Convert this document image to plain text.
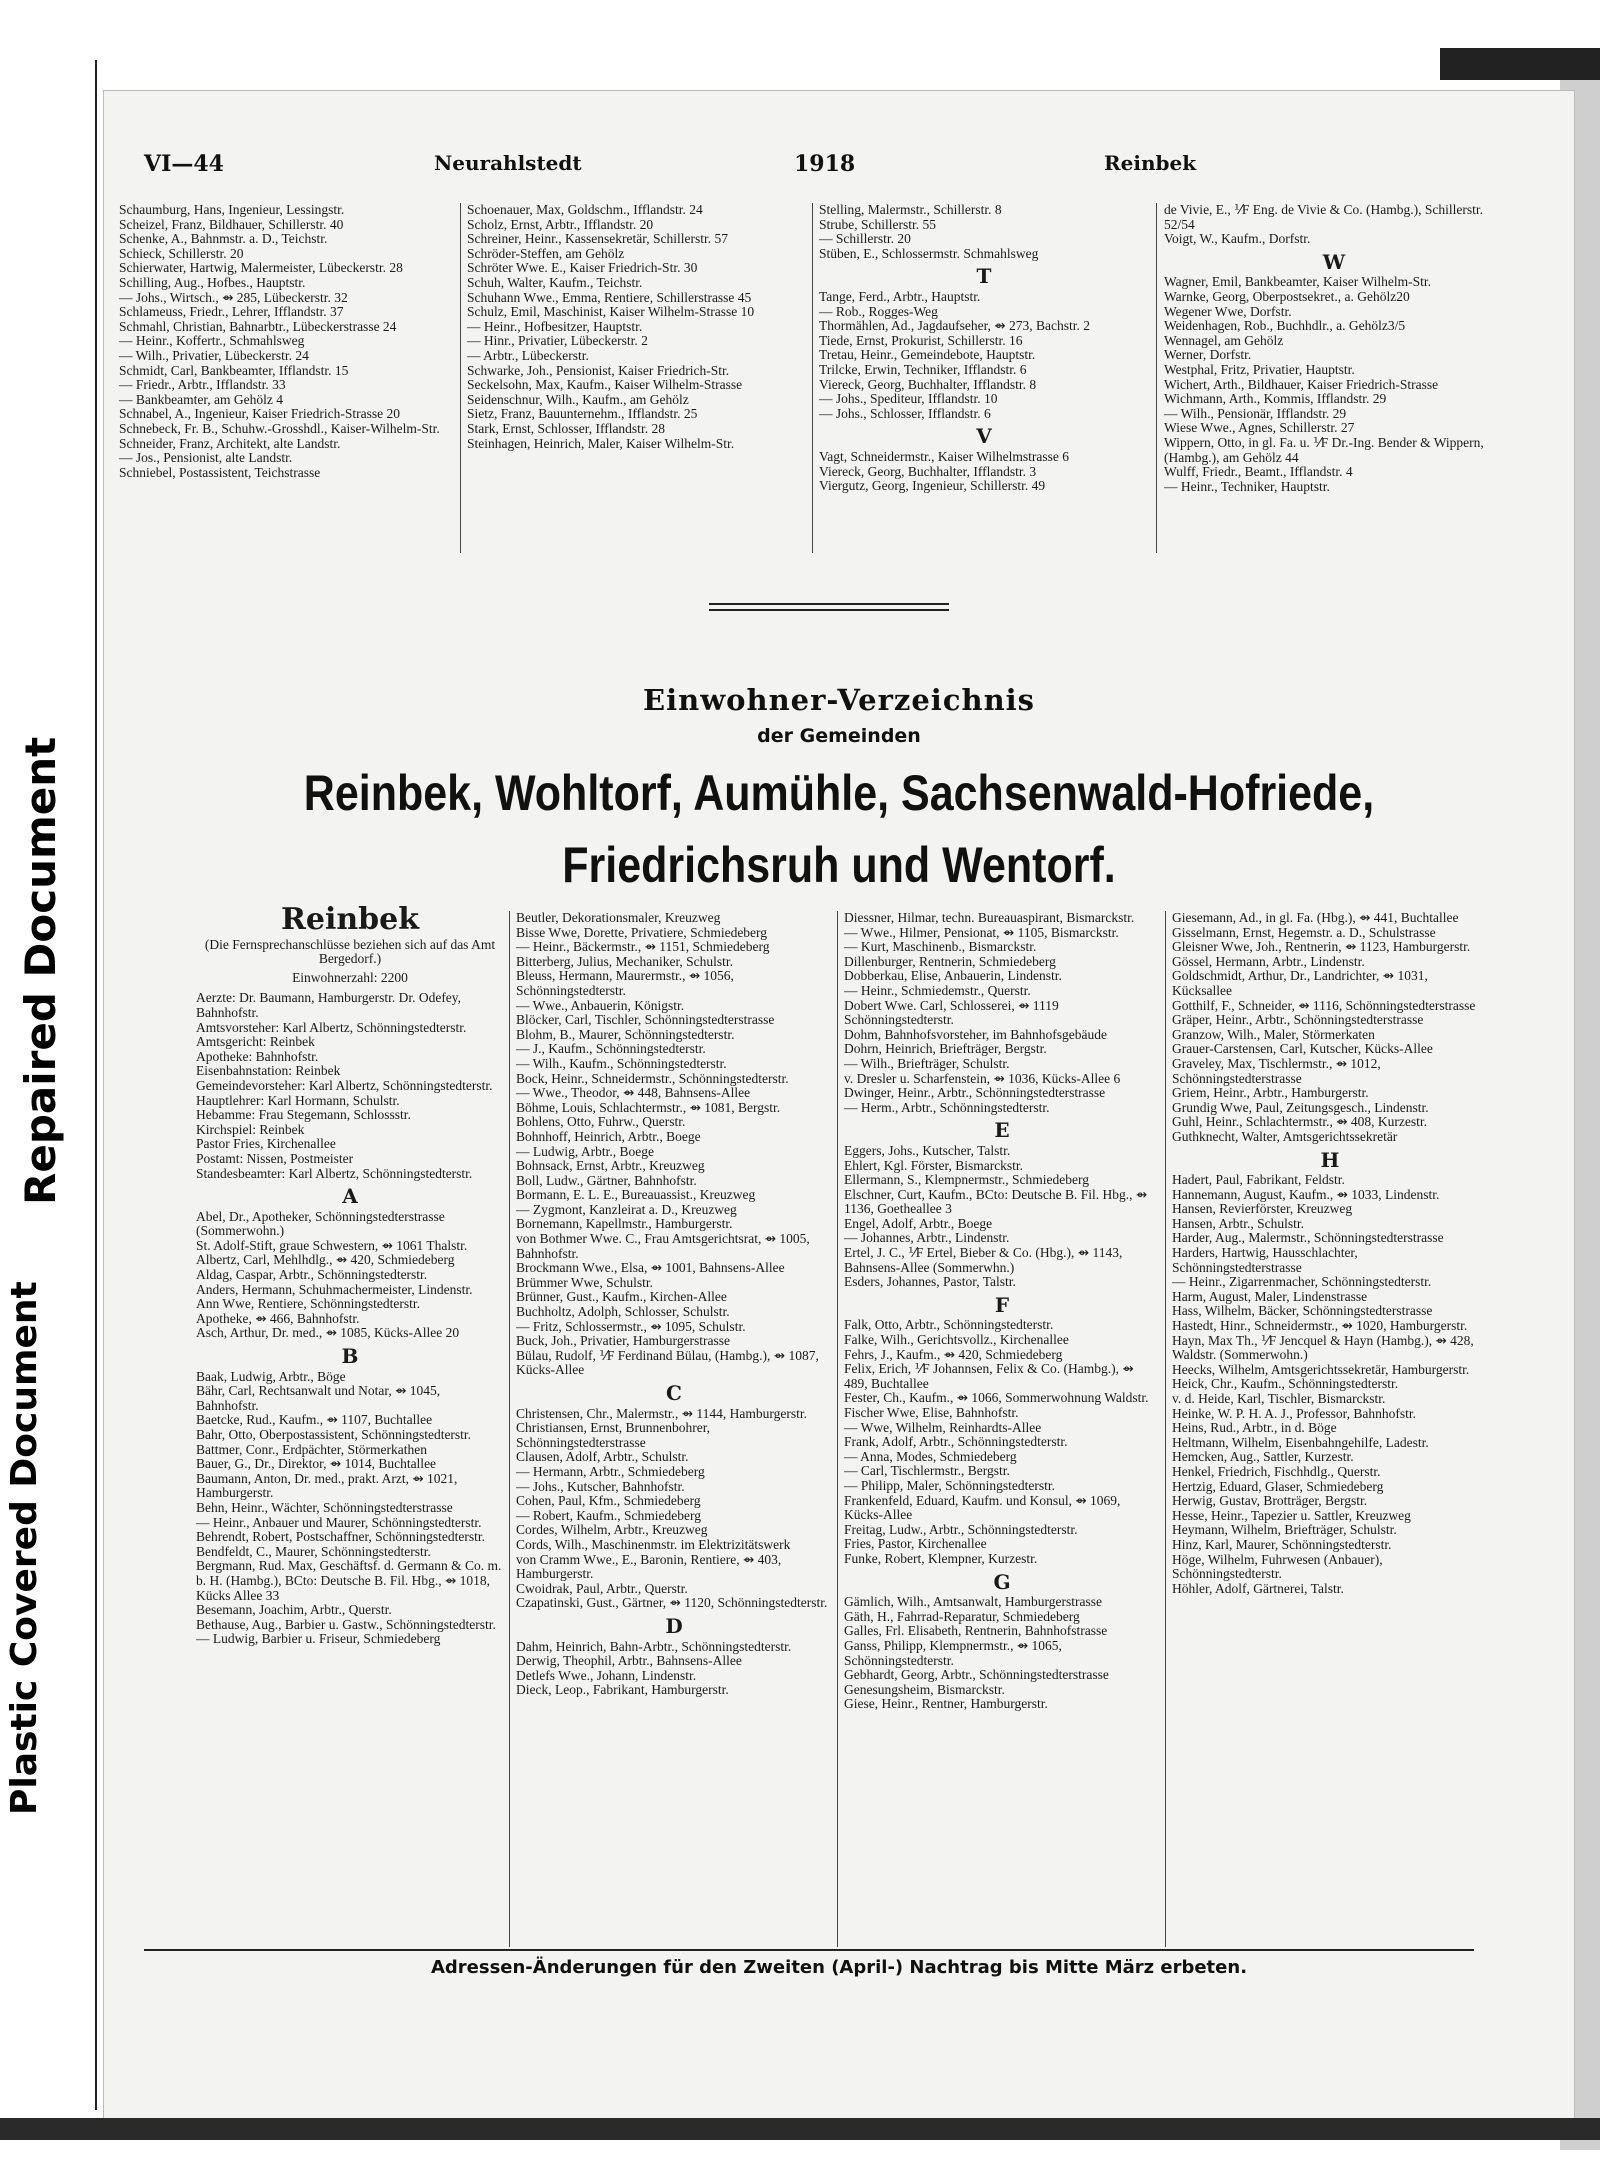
Repaired Document
Plastic Covered Document
VI—44	Neurahlstedt	1918	Reinbek
Schaumburg, Hans, Ingenieur, Lessingstr.
Scheizel, Franz, Bildhauer, Schillerstr. 40
Schenke, A., Bahnmstr. a. D., Teichstr.
Schieck, Schillerstr. 20
Schierwater, Hartwig, Malermeister, Lübeckerstr. 28
Schilling, Aug., Hofbes., Hauptstr.
— Johs., Wirtsch., ⇴ 285, Lübeckerstr. 32
Schlameuss, Friedr., Lehrer, Ifflandstr. 37
Schmahl, Christian, Bahnarbtr., Lübeckerstrasse 24
— Heinr., Koffertr., Schmahlsweg
— Wilh., Privatier, Lübeckerstr. 24
Schmidt, Carl, Bankbeamter, Ifflandstr. 15
— Friedr., Arbtr., Ifflandstr. 33
— Bankbeamter, am Gehölz 4
Schnabel, A., Ingenieur, Kaiser Friedrich-Strasse 20
Schnebeck, Fr. B., Schuhw.-Grosshdl., Kaiser-Wilhelm-Str.
Schneider, Franz, Architekt, alte Landstr.
— Jos., Pensionist, alte Landstr.
Schniebel, Postassistent, Teichstrasse
Schoenauer, Max, Goldschm., Ifflandstr. 24
Scholz, Ernst, Arbtr., Ifflandstr. 20
Schreiner, Heinr., Kassensekretär, Schillerstr. 57
Schröder-Steffen, am Gehölz
Schröter Wwe. E., Kaiser Friedrich-Str. 30
Schuh, Walter, Kaufm., Teichstr.
Schuhann Wwe., Emma, Rentiere, Schillerstrasse 45
Schulz, Emil, Maschinist, Kaiser Wilhelm-Strasse 10
— Heinr., Hofbesitzer, Hauptstr.
— Hinr., Privatier, Lübeckerstr. 2
— Arbtr., Lübeckerstr.
Schwarke, Joh., Pensionist, Kaiser Friedrich-Str.
Seckelsohn, Max, Kaufm., Kaiser Wilhelm-Strasse
Seidenschnur, Wilh., Kaufm., am Gehölz
Sietz, Franz, Bauunternehm., Ifflandstr. 25
Stark, Ernst, Schlosser, Ifflandstr. 28
Steinhagen, Heinrich, Maler, Kaiser Wilhelm-Str.
Stelling, Malermstr., Schillerstr. 8
Strube, Schillerstr. 55
— Schillerstr. 20
Stüben, E., Schlossermstr. Schmahlsweg
T
Tange, Ferd., Arbtr., Hauptstr.
— Rob., Rogges-Weg
Thormählen, Ad., Jagdaufseher, ⇴ 273, Bachstr. 2
Tiede, Ernst, Prokurist, Schillerstr. 16
Tretau, Heinr., Gemeindebote, Hauptstr.
Trilcke, Erwin, Techniker, Ifflandstr. 6
Viereck, Georg, Buchhalter, Ifflandstr. 8
— Johs., Spediteur, Ifflandstr. 10
— Johs., Schlosser, Ifflandstr. 6
V
Vagt, Schneidermstr., Kaiser Wilhelmstrasse 6
Viereck, Georg, Buchhalter, Ifflandstr. 3
Viergutz, Georg, Ingenieur, Schillerstr. 49
de Vivie, E., ⅟F Eng. de Vivie & Co. (Hambg.), Schillerstr. 52/54
Voigt, W., Kaufm., Dorfstr.
W
Wagner, Emil, Bankbeamter, Kaiser Wilhelm-Str.
Warnke, Georg, Oberpostsekret., a. Gehölz20
Wegener Wwe, Dorfstr.
Weidenhagen, Rob., Buchhdlr., a. Gehölz3/5
Wennagel, am Gehölz
Werner, Dorfstr.
Westphal, Fritz, Privatier, Hauptstr.
Wichert, Arth., Bildhauer, Kaiser Friedrich-Strasse
Wichmann, Arth., Kommis, Ifflandstr. 29
— Wilh., Pensionär, Ifflandstr. 29
Wiese Wwe., Agnes, Schillerstr. 27
Wippern, Otto, in gl. Fa. u. ⅟F Dr.-Ing. Bender & Wippern, (Hambg.), am Gehölz 44
Wulff, Friedr., Beamt., Ifflandstr. 4
— Heinr., Techniker, Hauptstr.
Einwohner-Verzeichnis
der Gemeinden
Reinbek, Wohltorf, Aumühle, Sachsenwald-Hofriede,
Friedrichsruh und Wentorf.
Reinbek
(Die Fernsprechanschlüsse beziehen sich auf das Amt Bergedorf.)
Einwohnerzahl: 2200
Aerzte: Dr. Baumann, Hamburgerstr. Dr. Odefey, Bahnhofstr.
Amtsvorsteher: Karl Albertz, Schönningstedterstr.
Amtsgericht: Reinbek
Apotheke: Bahnhofstr.
Eisenbahnstation: Reinbek
Gemeindevorsteher: Karl Albertz, Schönningstedterstr.
Hauptlehrer: Karl Hormann, Schulstr.
Hebamme: Frau Stegemann, Schlossstr.
Kirchspiel: Reinbek
Pastor Fries, Kirchenallee
Postamt: Nissen, Postmeister
Standesbeamter: Karl Albertz, Schönningstedterstr.
A
Abel, Dr., Apotheker, Schönningstedterstrasse (Sommerwohn.)
St. Adolf-Stift, graue Schwestern, ⇴ 1061 Thalstr.
Albertz, Carl, Mehlhdlg., ⇴ 420, Schmiedeberg
Aldag, Caspar, Arbtr., Schönningstedterstr.
Anders, Hermann, Schuhmachermeister, Lindenstr.
Ann Wwe, Rentiere, Schönningstedterstr.
Apotheke, ⇴ 466, Bahnhofstr.
Asch, Arthur, Dr. med., ⇴ 1085, Kücks-Allee 20
B
Baak, Ludwig, Arbtr., Böge
Bähr, Carl, Rechtsanwalt und Notar, ⇴ 1045, Bahnhofstr.
Baetcke, Rud., Kaufm., ⇴ 1107, Buchtallee
Bahr, Otto, Oberpostassistent, Schönningstedterstr.
Battmer, Conr., Erdpächter, Störmerkathen
Bauer, G., Dr., Direktor, ⇴ 1014, Buchtallee
Baumann, Anton, Dr. med., prakt. Arzt, ⇴ 1021, Hamburgerstr.
Behn, Heinr., Wächter, Schönningstedterstrasse
— Heinr., Anbauer und Maurer, Schönningstedterstr.
Behrendt, Robert, Postschaffner, Schönningstedterstr.
Bendfeldt, C., Maurer, Schönningstedterstr.
Bergmann, Rud. Max, Geschäftsf. d. Germann & Co. m. b. H. (Hambg.), BCto: Deutsche B. Fil. Hbg., ⇴ 1018, Kücks Allee 33
Besemann, Joachim, Arbtr., Querstr.
Bethause, Aug., Barbier u. Gastw., Schönningstedterstr.
— Ludwig, Barbier u. Friseur, Schmiedeberg
Beutler, Dekorationsmaler, Kreuzweg
Bisse Wwe, Dorette, Privatiere, Schmiedeberg
— Heinr., Bäckermstr., ⇴ 1151, Schmiedeberg
Bitterberg, Julius, Mechaniker, Schulstr.
Bleuss, Hermann, Maurermstr., ⇴ 1056, Schönningstedterstr.
— Wwe., Anbauerin, Königstr.
Blöcker, Carl, Tischler, Schönningstedterstrasse
Blohm, B., Maurer, Schönningstedterstr.
— J., Kaufm., Schönningstedterstr.
— Wilh., Kaufm., Schönningstedterstr.
Bock, Heinr., Schneidermstr., Schönningstedterstr.
— Wwe., Theodor, ⇴ 448, Bahnsens-Allee
Böhme, Louis, Schlachtermstr., ⇴ 1081, Bergstr.
Bohlens, Otto, Fuhrw., Querstr.
Bohnhoff, Heinrich, Arbtr., Boege
— Ludwig, Arbtr., Boege
Bohnsack, Ernst, Arbtr., Kreuzweg
Boll, Ludw., Gärtner, Bahnhofstr.
Bormann, E. L. E., Bureauassist., Kreuzweg
— Zygmont, Kanzleirat a. D., Kreuzweg
Bornemann, Kapellmstr., Hamburgerstr.
von Bothmer Wwe. C., Frau Amtsgerichtsrat, ⇴ 1005, Bahnhofstr.
Brockmann Wwe., Elsa, ⇴ 1001, Bahnsens-Allee
Brümmer Wwe, Schulstr.
Brünner, Gust., Kaufm., Kirchen-Allee
Buchholtz, Adolph, Schlosser, Schulstr.
— Fritz, Schlossermstr., ⇴ 1095, Schulstr.
Buck, Joh., Privatier, Hamburgerstrasse
Bülau, Rudolf, ⅟F Ferdinand Bülau, (Hambg.), ⇴ 1087, Kücks-Allee
C
Christensen, Chr., Malermstr., ⇴ 1144, Hamburgerstr.
Christiansen, Ernst, Brunnenbohrer, Schönningstedterstrasse
Clausen, Adolf, Arbtr., Schulstr.
— Hermann, Arbtr., Schmiedeberg
— Johs., Kutscher, Bahnhofstr.
Cohen, Paul, Kfm., Schmiedeberg
— Robert, Kaufm., Schmiedeberg
Cordes, Wilhelm, Arbtr., Kreuzweg
Cords, Wilh., Maschinenmstr. im Elektrizitätswerk
von Cramm Wwe., E., Baronin, Rentiere, ⇴ 403, Hamburgerstr.
Cwoidrak, Paul, Arbtr., Querstr.
Czapatinski, Gust., Gärtner, ⇴ 1120, Schönningstedterstr.
D
Dahm, Heinrich, Bahn-Arbtr., Schönningstedterstr.
Derwig, Theophil, Arbtr., Bahnsens-Allee
Detlefs Wwe., Johann, Lindenstr.
Dieck, Leop., Fabrikant, Hamburgerstr.
Diessner, Hilmar, techn. Bureauaspirant, Bismarckstr.
— Wwe., Hilmer, Pensionat, ⇴ 1105, Bismarckstr.
— Kurt, Maschinenb., Bismarckstr.
Dillenburger, Rentnerin, Schmiedeberg
Dobberkau, Elise, Anbauerin, Lindenstr.
— Heinr., Schmiedemstr., Querstr.
Dobert Wwe. Carl, Schlosserei, ⇴ 1119 Schönningstedterstr.
Dohm, Bahnhofsvorsteher, im Bahnhofsgebäude
Dohrn, Heinrich, Briefträger, Bergstr.
— Wilh., Briefträger, Schulstr.
v. Dresler u. Scharfenstein, ⇴ 1036, Kücks-Allee 6
Dwinger, Heinr., Arbtr., Schönningstedterstrasse
— Herm., Arbtr., Schönningstedterstr.
E
Eggers, Johs., Kutscher, Talstr.
Ehlert, Kgl. Förster, Bismarckstr.
Ellermann, S., Klempnermstr., Schmiedeberg
Elschner, Curt, Kaufm., BCto: Deutsche B. Fil. Hbg., ⇴ 1136, Goetheallee 3
Engel, Adolf, Arbtr., Boege
— Johannes, Arbtr., Lindenstr.
Ertel, J. C., ⅟F Ertel, Bieber & Co. (Hbg.), ⇴ 1143, Bahnsens-Allee (Sommerwhn.)
Esders, Johannes, Pastor, Talstr.
F
Falk, Otto, Arbtr., Schönningstedterstr.
Falke, Wilh., Gerichtsvollz., Kirchenallee
Fehrs, J., Kaufm., ⇴ 420, Schmiedeberg
Felix, Erich, ⅟F Johannsen, Felix & Co. (Hambg.), ⇴ 489, Buchtallee
Fester, Ch., Kaufm., ⇴ 1066, Sommerwohnung Waldstr.
Fischer Wwe, Elise, Bahnhofstr.
— Wwe, Wilhelm, Reinhardts-Allee
Frank, Adolf, Arbtr., Schönningstedterstr.
— Anna, Modes, Schmiedeberg
— Carl, Tischlermstr., Bergstr.
— Philipp, Maler, Schönningstedterstr.
Frankenfeld, Eduard, Kaufm. und Konsul, ⇴ 1069, Kücks-Allee
Freitag, Ludw., Arbtr., Schönningstedterstr.
Fries, Pastor, Kirchenallee
Funke, Robert, Klempner, Kurzestr.
G
Gämlich, Wilh., Amtsanwalt, Hamburgerstrasse
Gäth, H., Fahrrad-Reparatur, Schmiedeberg
Galles, Frl. Elisabeth, Rentnerin, Bahnhofstrasse
Ganss, Philipp, Klempnermstr., ⇴ 1065, Schönningstedterstr.
Gebhardt, Georg, Arbtr., Schönningstedterstrasse
Genesungsheim, Bismarckstr.
Giese, Heinr., Rentner, Hamburgerstr.
Giesemann, Ad., in gl. Fa. (Hbg.), ⇴ 441, Buchtallee
Gisselmann, Ernst, Hegemstr. a. D., Schulstrasse
Gleisner Wwe, Joh., Rentnerin, ⇴ 1123, Hamburgerstr.
Gössel, Hermann, Arbtr., Lindenstr.
Goldschmidt, Arthur, Dr., Landrichter, ⇴ 1031, Kücksallee
Gotthilf, F., Schneider, ⇴ 1116, Schönningstedterstrasse
Gräper, Heinr., Arbtr., Schönningstedterstrasse
Granzow, Wilh., Maler, Störmerkaten
Grauer-Carstensen, Carl, Kutscher, Kücks-Allee
Graveley, Max, Tischlermstr., ⇴ 1012, Schönningstedterstrasse
Griem, Heinr., Arbtr., Hamburgerstr.
Grundig Wwe, Paul, Zeitungsgesch., Lindenstr.
Guhl, Heinr., Schlachtermstr., ⇴ 408, Kurzestr.
Guthknecht, Walter, Amtsgerichtssekretär
H
Hadert, Paul, Fabrikant, Feldstr.
Hannemann, August, Kaufm., ⇴ 1033, Lindenstr.
Hansen, Revierförster, Kreuzweg
Hansen, Arbtr., Schulstr.
Harder, Aug., Malermstr., Schönningstedterstrasse
Harders, Hartwig, Hausschlachter, Schönningstedterstrasse
— Heinr., Zigarrenmacher, Schönningstedterstr.
Harm, August, Maler, Lindenstrasse
Hass, Wilhelm, Bäcker, Schönningstedterstrasse
Hastedt, Hinr., Schneidermstr., ⇴ 1020, Hamburgerstr.
Hayn, Max Th., ⅟F Jencquel & Hayn (Hambg.), ⇴ 428, Waldstr. (Sommerwohn.)
Heecks, Wilhelm, Amtsgerichtssekretär, Hamburgerstr.
Heick, Chr., Kaufm., Schönningstedterstr.
v. d. Heide, Karl, Tischler, Bismarckstr.
Heinke, W. P. H. A. J., Professor, Bahnhofstr.
Heins, Rud., Arbtr., in d. Böge
Heltmann, Wilhelm, Eisenbahngehilfe, Ladestr.
Hemcken, Aug., Sattler, Kurzestr.
Henkel, Friedrich, Fischhdlg., Querstr.
Hertzig, Eduard, Glaser, Schmiedeberg
Herwig, Gustav, Brotträger, Bergstr.
Hesse, Heinr., Tapezier u. Sattler, Kreuzweg
Heymann, Wilhelm, Briefträger, Schulstr.
Hinz, Karl, Maurer, Schönningstedterstr.
Höge, Wilhelm, Fuhrwesen (Anbauer), Schönningstedterstr.
Höhler, Adolf, Gärtnerei, Talstr.
Adressen-Änderungen für den Zweiten (April-) Nachtrag bis Mitte März erbeten.
